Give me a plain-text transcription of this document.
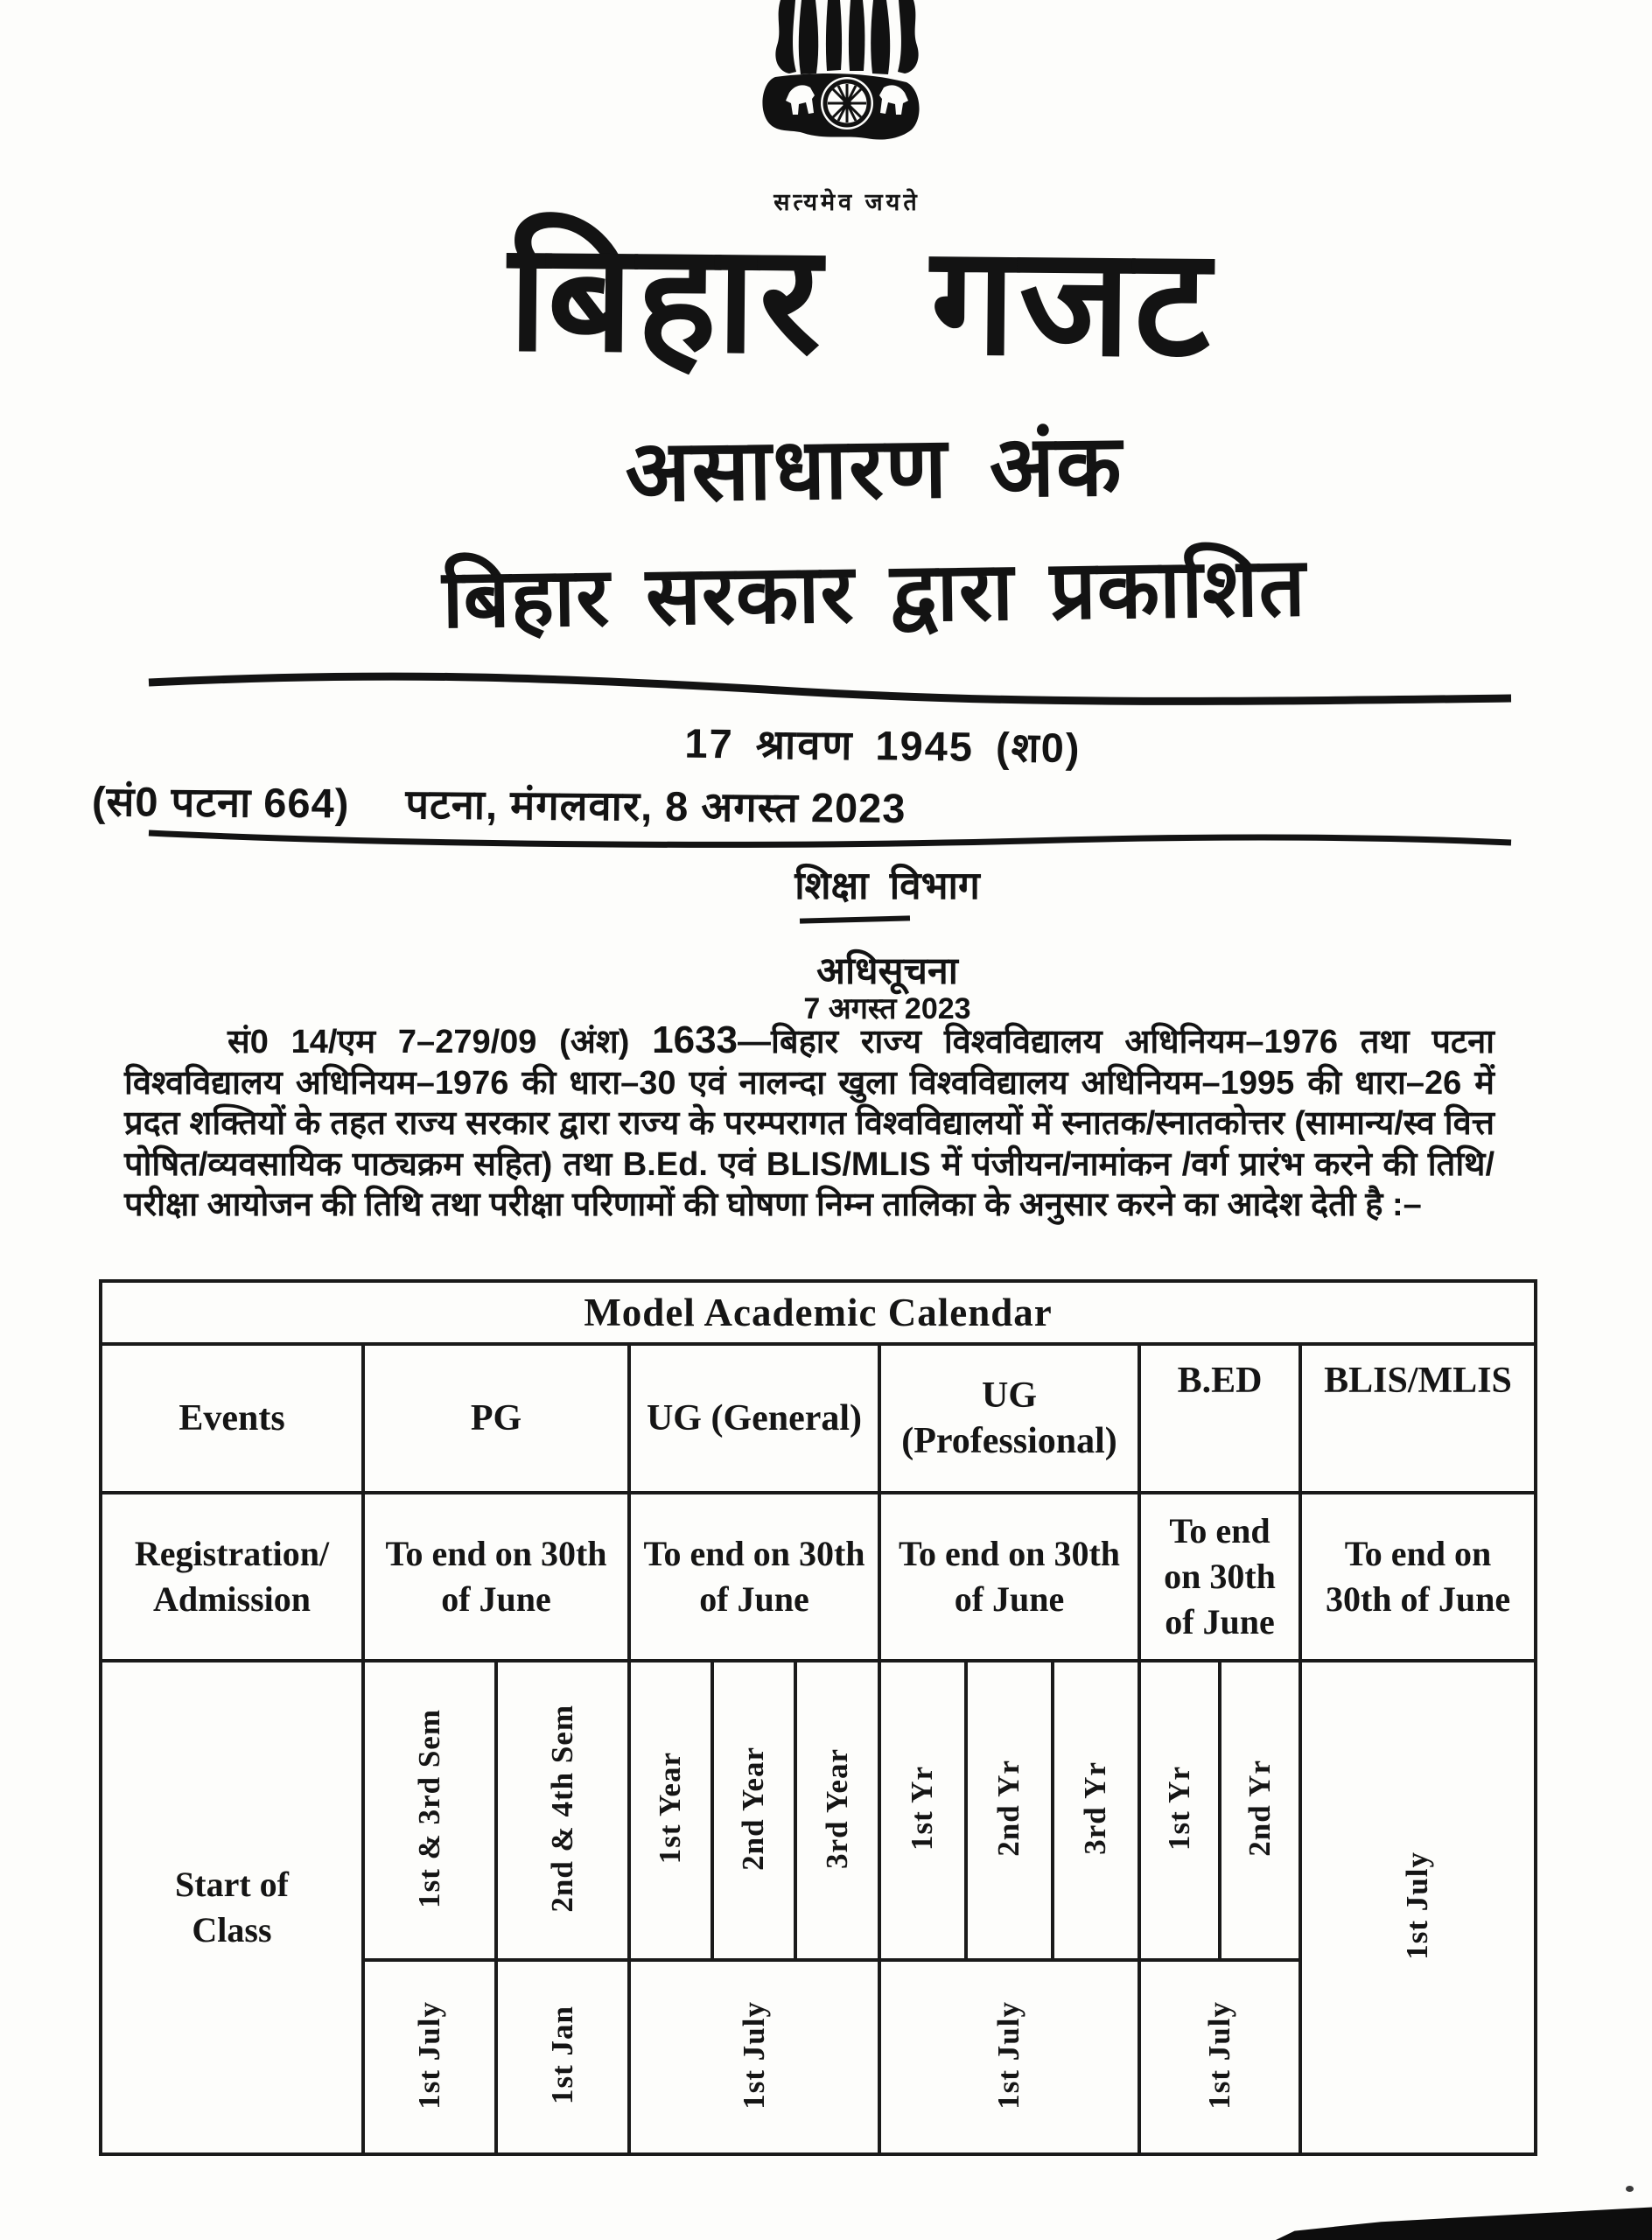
सत्यमेव जयते
बिहार गजट
असाधारण अंक
बिहार सरकार द्वारा प्रकाशित
17 श्रावण 1945 (श0)
(सं0 पटना 664) पटना, मंगलवार, 8 अगस्त 2023
शिक्षा विभाग
अधिसूचना
7 अगस्त 2023
सं0 14/एम 7–279/09 (अंश) 1633—बिहार राज्य विश्वविद्यालय अधिनियम–1976 तथा पटना विश्वविद्यालय अधिनियम–1976 की धारा–30 एवं नालन्दा खुला विश्वविद्यालय अधिनियम–1995 की धारा–26 में प्रदत शक्तियों के तहत राज्य सरकार द्वारा राज्य के परम्परागत विश्वविद्यालयों में स्नातक/स्नातकोत्तर (सामान्य/स्व वित्त पोषित/व्यवसायिक पाठ्यक्रम सहित) तथा B.Ed. एवं BLIS/MLIS में पंजीयन/नामांकन /वर्ग प्रारंभ करने की तिथि/परीक्षा आयोजन की तिथि तथा परीक्षा परिणामों की घोषणा निम्न तालिका के अनुसार करने का आदेश देती है :–
Model Academic Calendar											
Events	PG		UG (General)			UG (Professional)			B.ED		BLIS/MLIS

Registration/ Admission	To end on 30th of June		To end on 30th of June			To end on 30th of June			To end on 30th of June		To end on 30th of June

Start of Class	1st & 3rd Sem	2nd & 4th Sem	1st Year	2nd Year	3rd Year	1st Yr	2nd Yr	3rd Yr	1st Yr	2nd Yr	1st July
	1st July	1st Jan	1st July			1st July			1st July		
